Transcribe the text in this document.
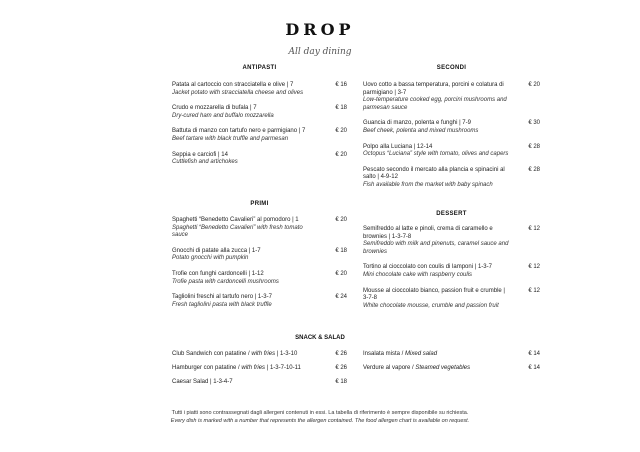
DROP
All day dining
ANTIPASTI
Patata al cartoccio con stracciatella e olive | 7
Jacket potato with stracciatella cheese and olives
€ 16
Crudo e mozzarella di bufala | 7
Dry-cured ham and buffalo mozzarella
€ 18
Battuta di manzo con tartufo nero e parmigiano | 7
Beef tartare with black truffle and parmesan
€ 20
Seppia e carciofi | 14
Cuttlefish and artichokes
€ 20
PRIMI
Spaghetti “Benedetto Cavalieri” al pomodoro | 1
Spaghetti “Benedetto Cavalieri” with fresh tomato sauce
€ 20
Gnocchi di patate alla zucca | 1-7
Potato gnocchi with pumpkin
€ 18
Trofie con funghi cardoncelli | 1-12
Trofie pasta with cardoncelli mushrooms
€ 20
Tagliolini freschi al tartufo nero | 1-3-7
Fresh tagliolini pasta with black truffle
€ 24
SECONDI
Uovo cotto a bassa temperatura, porcini e colatura di parmigiano | 3-7
Low-temperature cooked egg, porcini mushrooms and parmesan sauce
€ 20
Guancia di manzo, polenta e funghi | 7-9
Beef cheek, polenta and mixed mushrooms
€ 30
Polpo alla Luciana | 12-14
Octopus “Luciana” style with tomato, olives and capers
€ 28
Pescato secondo il mercato alla plancia e spinacini al salto | 4-9-12
Fish available from the market with baby spinach
€ 28
DESSERT
Semifreddo al latte e pinoli, crema di caramello e brownies | 1-3-7-8
Semifreddo with milk and pinenuts, caramel sauce and brownies
€ 12
Tortino al cioccolato con coulis di lamponi | 1-3-7
Mini chocolate cake with raspberry coulis
€ 12
Mousse al cioccolato bianco, passion fruit e crumble | 3-7-8
White chocolate mousse, crumble and passion fruit
€ 12
SNACK & SALAD
Club Sandwich con patatine / with fries | 1-3-10	€ 26
Hamburger con patatine / with fries | 1-3-7-10-11	€ 26
Caesar Salad | 1-3-4-7	€ 18
Insalata mista / Mixed salad	€ 14
Verdure al vapore / Steamed vegetables	€ 14
Tutti i piatti sono contrassegnati dagli allergeni contenuti in essi. La tabella di riferimento è sempre disponibile su richiesta.
Every dish is marked with a number that represents the allergen contained. The food allergen chart is available on request.
